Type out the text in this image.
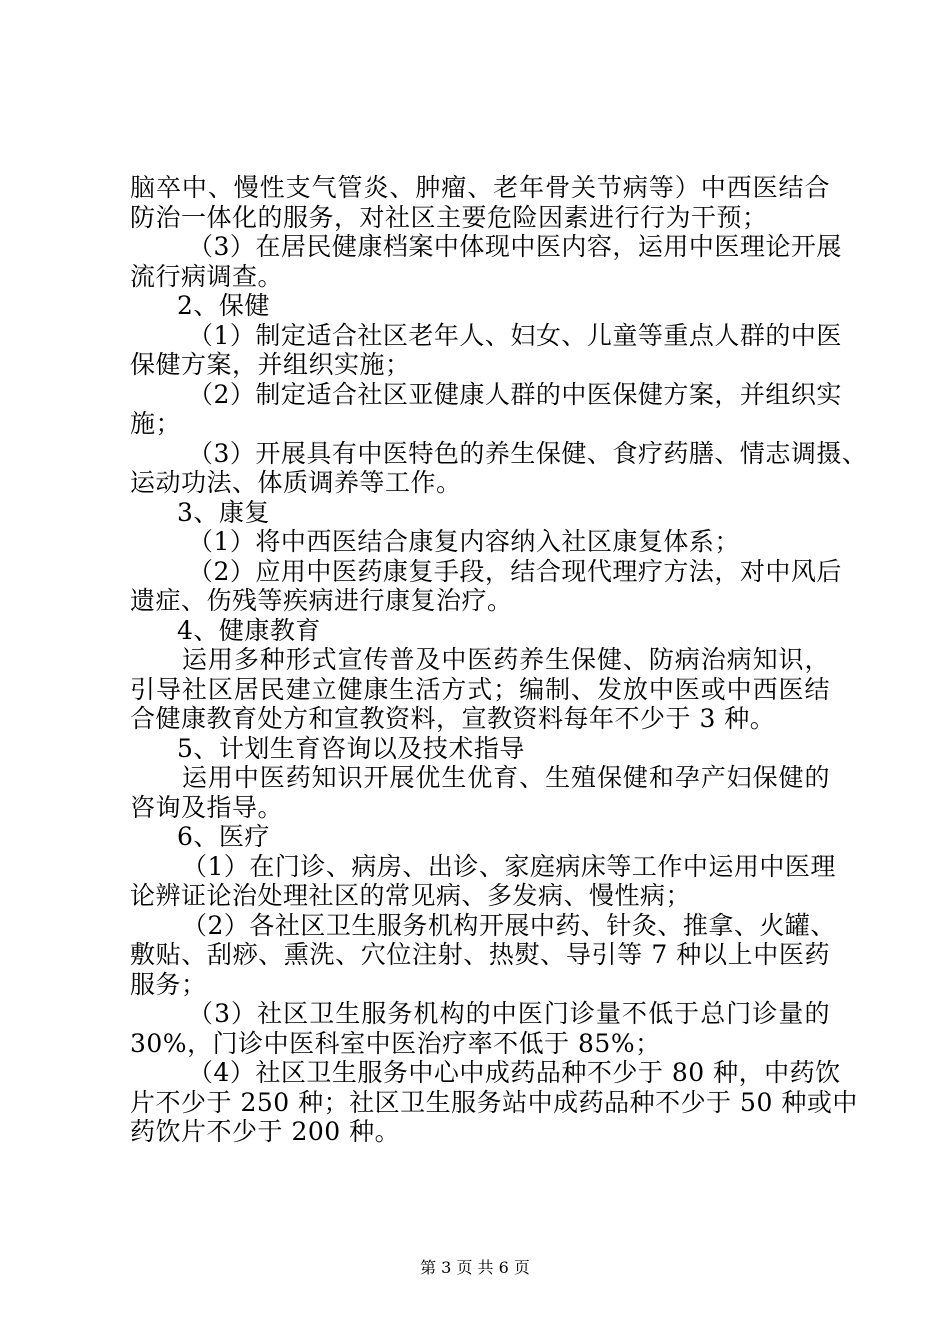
脑卒中、慢性支气管炎、肿瘤、老年骨关节病等）中西医结合
防治一体化的服务，对社区主要危险因素进行行为干预；
（3）在居民健康档案中体现中医内容，运用中医理论开展
流行病调查。
2、保健
（1）制定适合社区老年人、妇女、儿童等重点人群的中医
保健方案，并组织实施；
（2）制定适合社区亚健康人群的中医保健方案，并组织实
施；
（3）开展具有中医特色的养生保健、食疗药膳、情志调摄、
运动功法、体质调养等工作。
3、康复
（1）将中西医结合康复内容纳入社区康复体系；
（2）应用中医药康复手段，结合现代理疗方法，对中风后
遗症、伤残等疾病进行康复治疗。
4、健康教育
运用多种形式宣传普及中医药养生保健、防病治病知识，
引导社区居民建立健康生活方式；编制、发放中医或中西医结
合健康教育处方和宣教资料，宣教资料每年不少于 3 种。
5、计划生育咨询以及技术指导
运用中医药知识开展优生优育、生殖保健和孕产妇保健的
咨询及指导。
6、医疗
（1）在门诊、病房、出诊、家庭病床等工作中运用中医理
论辨证论治处理社区的常见病、多发病、慢性病；
（2）各社区卫生服务机构开展中药、针灸、推拿、火罐、
敷贴、刮痧、熏洗、穴位注射、热熨、导引等 7 种以上中医药
服务；
（3）社区卫生服务机构的中医门诊量不低于总门诊量的
30%，门诊中医科室中医治疗率不低于 85%；
（4）社区卫生服务中心中成药品种不少于 80 种，中药饮
片不少于 250 种；社区卫生服务站中成药品种不少于 50 种或中
药饮片不少于 200 种。
第 3 页 共 6 页
